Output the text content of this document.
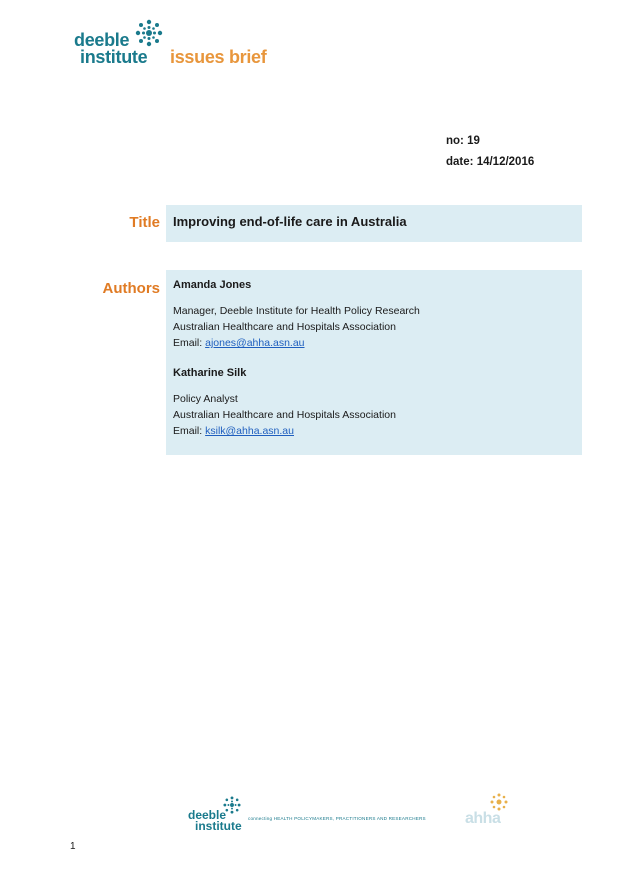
deeble
institute issues brief
no: 19
date: 14/12/2016
Title Improving end-of-life care in Australia
Authors Amanda Jones
Manager, Deeble Institute for Health Policy Research
Australian Healthcare and Hospitals Association
Email: ajones@ahha.asn.au
Katharine Silk
Policy Analyst
Australian Healthcare and Hospitals Association
Email: ksilk@ahha.asn.au
deeble
institute
connecting HEALTH POLICYMAKERS, PRACTITIONERS AND RESEARCHERS ahha
1
